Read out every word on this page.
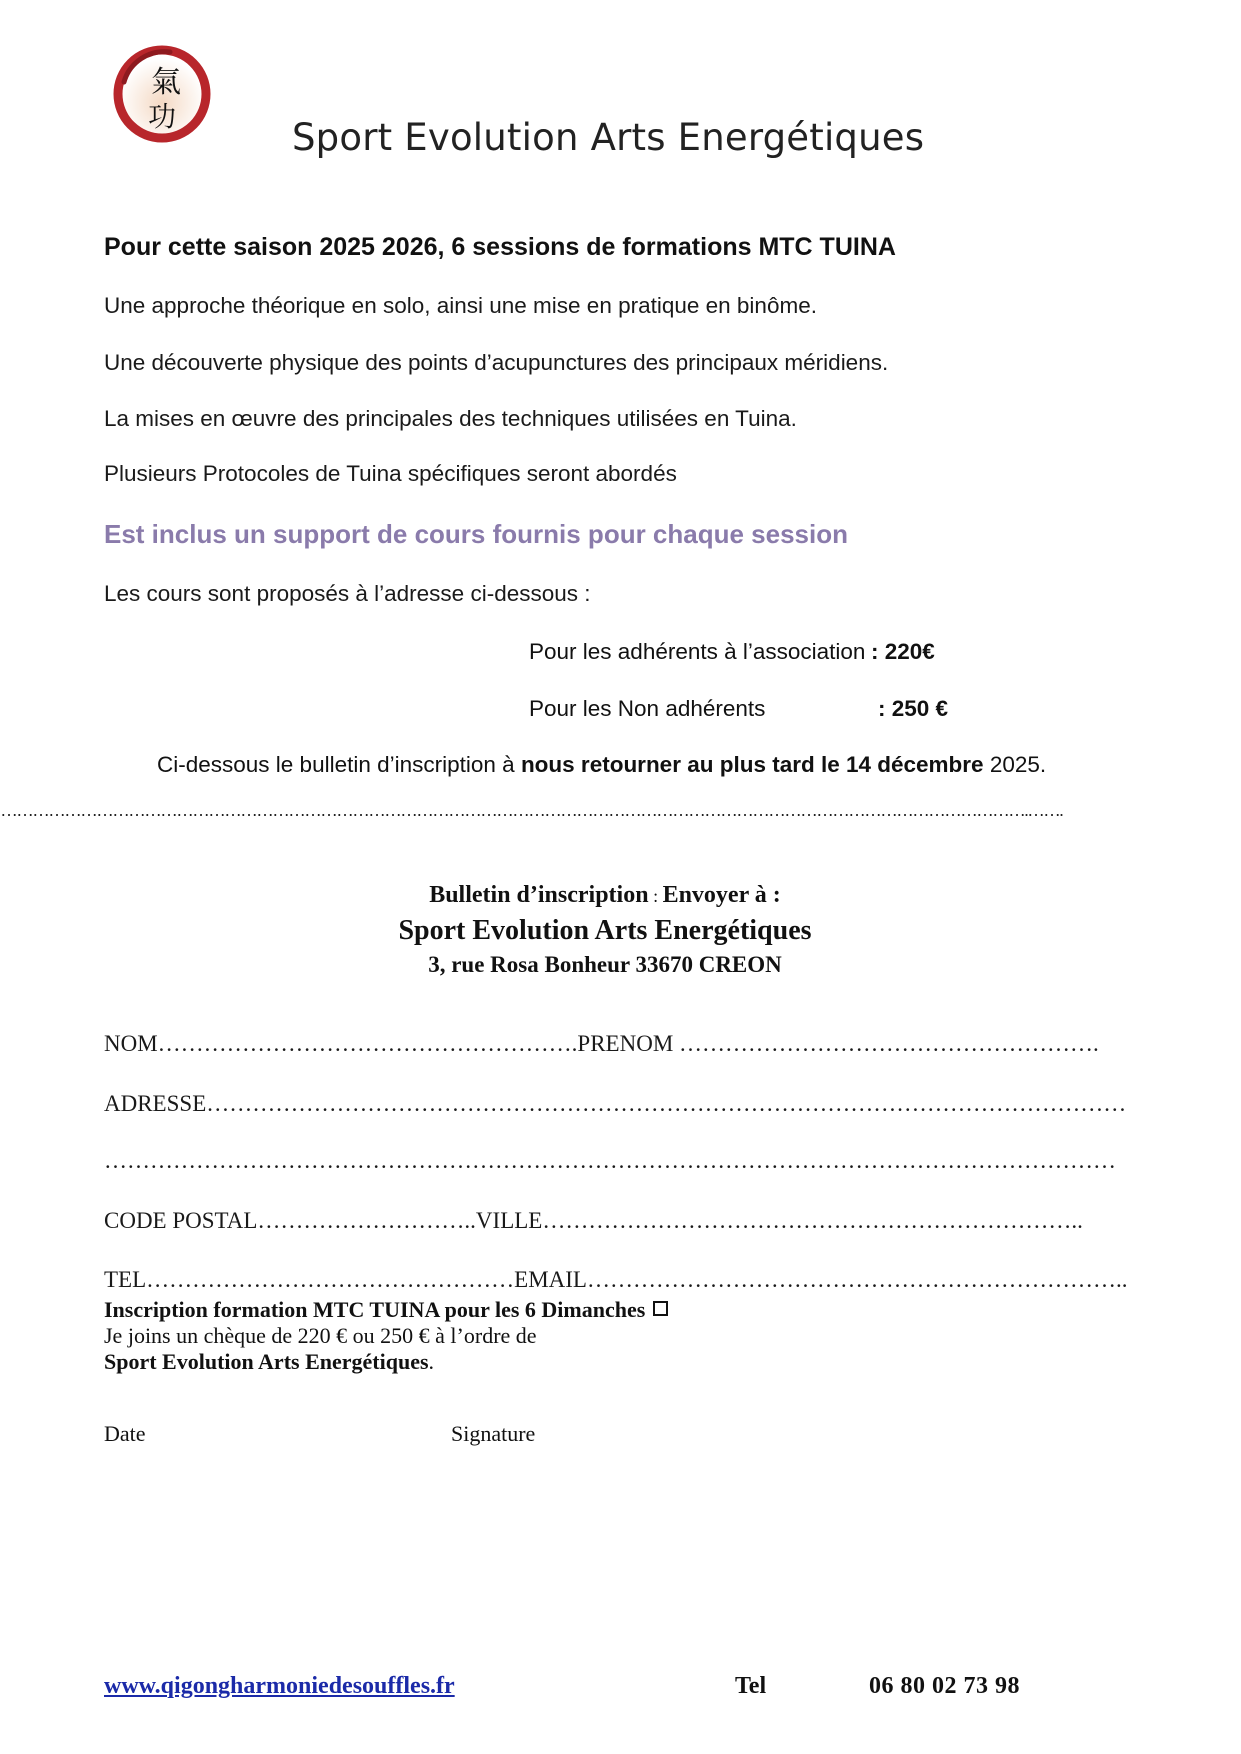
氣
功	Sport Evolution Arts Energétiques
Pour cette saison 2025 2026, 6 sessions de formations MTC TUINA
Une approche théorique en solo, ainsi une mise en pratique en binôme.
Une découverte physique des points d’acupunctures des principaux méridiens.
La mises en œuvre des principales des techniques utilisées en Tuina.
Plusieurs Protocoles de Tuina spécifiques seront abordés
Est inclus un support de cours fournis pour chaque session
Les cours sont proposés à l’adresse ci-dessous :
Pour les adhérents à l’association : 220€
Pour les Non adhérents	: 250 €
Ci-dessous le bulletin d’inscription à nous retourner au plus tard le 14 décembre 2025.
………………………………………………………………………………………………………………………………………………………………………….…….
Bulletin d’inscription : Envoyer à :
Sport Evolution Arts Energétiques
3, rue Rosa Bonheur 33670 CREON
NOM……………………………………………….PRENOM ……………………………………………….
ADRESSE…………………………………………………………………………………………………………
……………………………………………………………………………………………………………………
CODE POSTAL………………………..VILLE……………………………………………………………..
TEL…………………………………………EMAIL……………………………………………………………..
Inscription formation MTC TUINA pour les 6 Dimanches
Je joins un chèque de 220 € ou 250 € à l’ordre de
Sport Evolution Arts Energétiques.
Date	Signature
www.qigongharmoniedesouffles.fr	Tel	06 80 02 73 98
